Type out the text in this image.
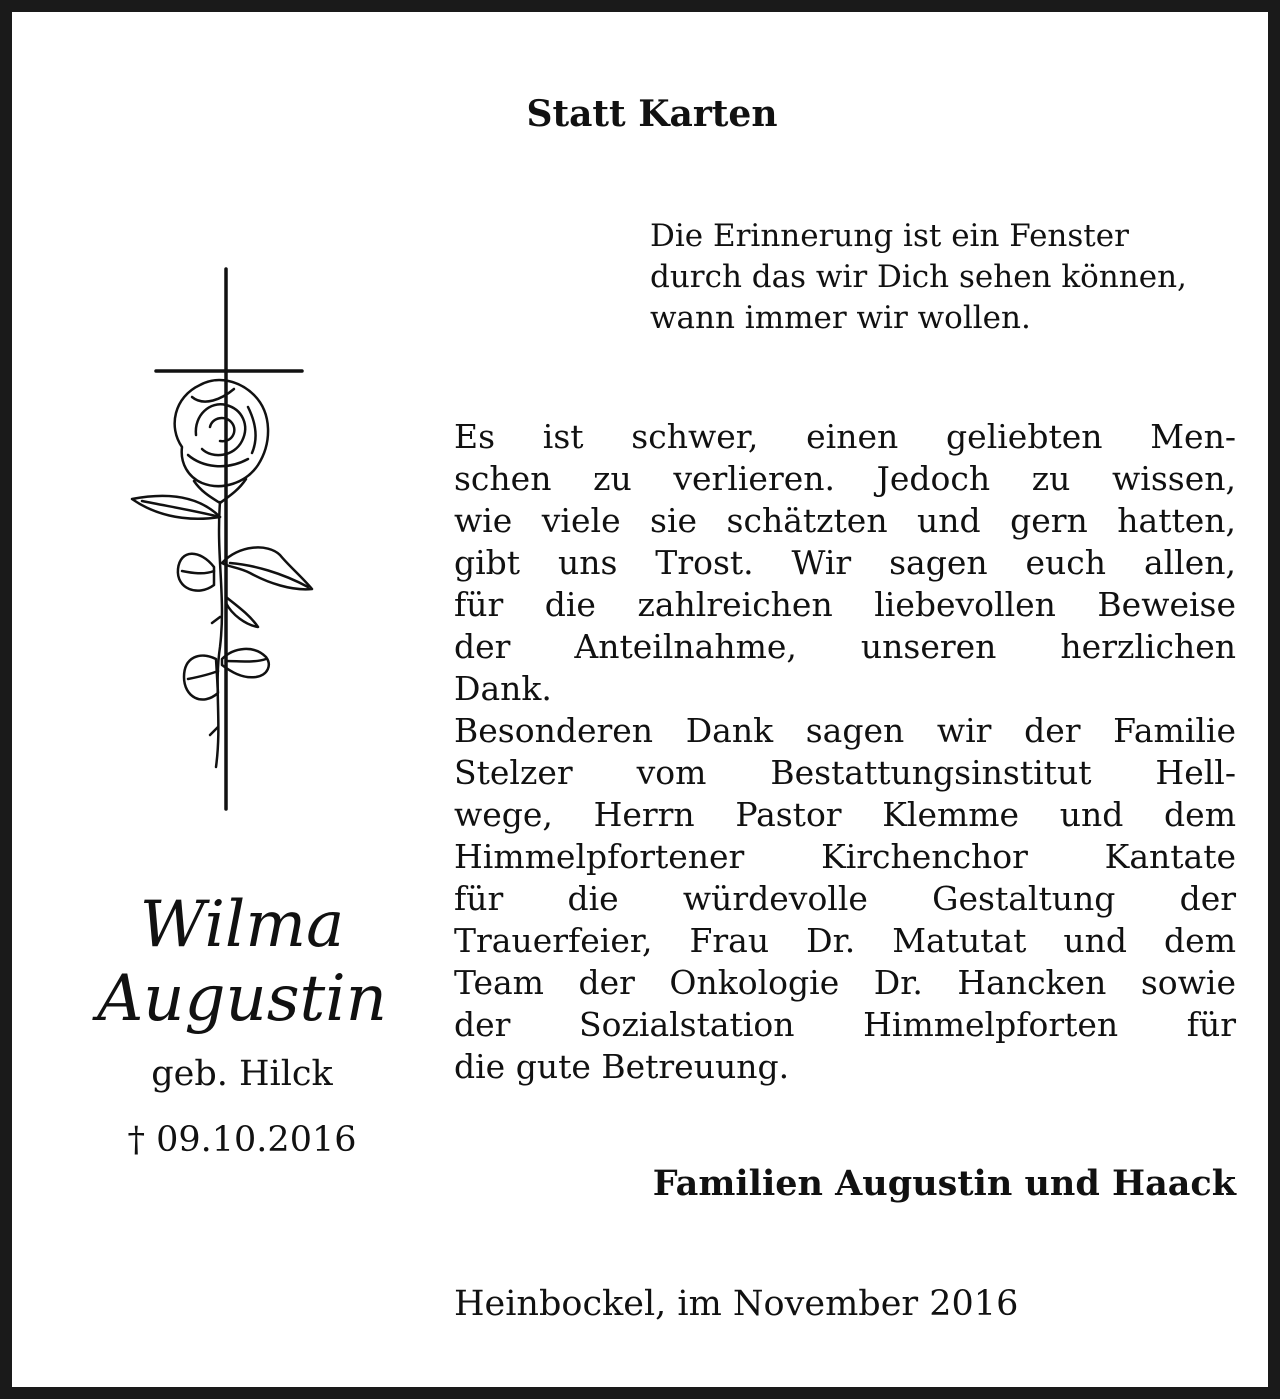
Statt Karten
Die Erinnerung ist ein Fenster
durch das wir Dich sehen können,
wann immer wir wollen.
Wilma
Augustin

geb. Hilck

† 09.10.2016

Es ist schwer, einen geliebten Men-
schen zu verlieren. Jedoch zu wissen,
wie viele sie schätzten und gern hatten,
gibt uns Trost. Wir sagen euch allen,
für die zahlreichen liebevollen Beweise
der Anteilnahme, unseren herzlichen
Dank.
Besonderen Dank sagen wir der Familie
Stelzer vom Bestattungsinstitut Hell-
wege, Herrn Pastor Klemme und dem
Himmelpfortener Kirchenchor Kantate
für die würdevolle Gestaltung der
Trauerfeier, Frau Dr. Matutat und dem
Team der Onkologie Dr. Hancken sowie
der Sozialstation Himmelpforten für
die gute Betreuung.

Familien Augustin und Haack

Heinbockel, im November 2016
